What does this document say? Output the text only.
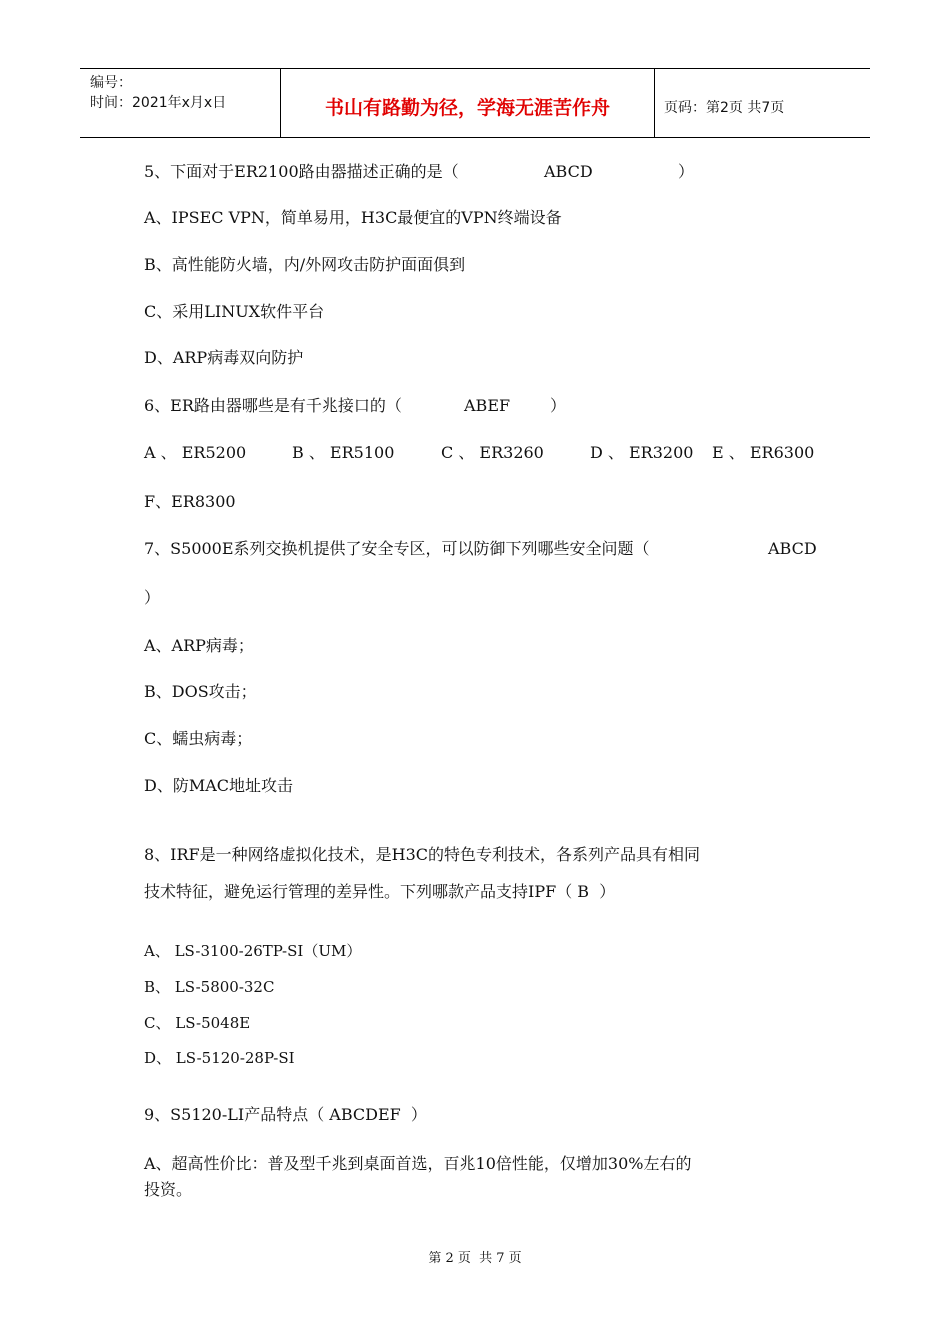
编号：
时间：2021年x月x日	书山有路勤为径，学海无涯苦作舟	页码：第2页 共7页
5、下面对于ER2100路由器描述正确的是（	ABCD	）
A、IPSEC VPN，简单易用，H3C最便宜的VPN终端设备
B、高性能防火墙，内/外网攻击防护面面俱到
C、采用LINUX软件平台
D、ARP病毒双向防护
6、ER路由器哪些是有千兆接口的（	ABEF ）
A 、 ER5200	B 、 ER5100	C 、 ER3260	D 、 ER3200 E 、 ER6300
F、ER8300
7、S5000E系列交换机提供了安全专区，可以防御下列哪些安全问题（	ABCD
）
A、ARP病毒；
B、DOS攻击；
C、蠕虫病毒；
D、防MAC地址攻击
8、IRF是一种网络虚拟化技术，是H3C的特色专利技术，各系列产品具有相同
技术特征，避免运行管理的差异性。下列哪款产品支持IPF（ B  ）
A、 LS-3100-26TP-SI（UM）
B、 LS-5800-32C
C、 LS-5048E
D、 LS-5120-28P-SI
9、S5120-LI产品特点（ ABCDEF  ）
A、超高性价比：普及型千兆到桌面首选，百兆10倍性能，仅增加30%左右的
投资。
第 2 页  共 7 页
